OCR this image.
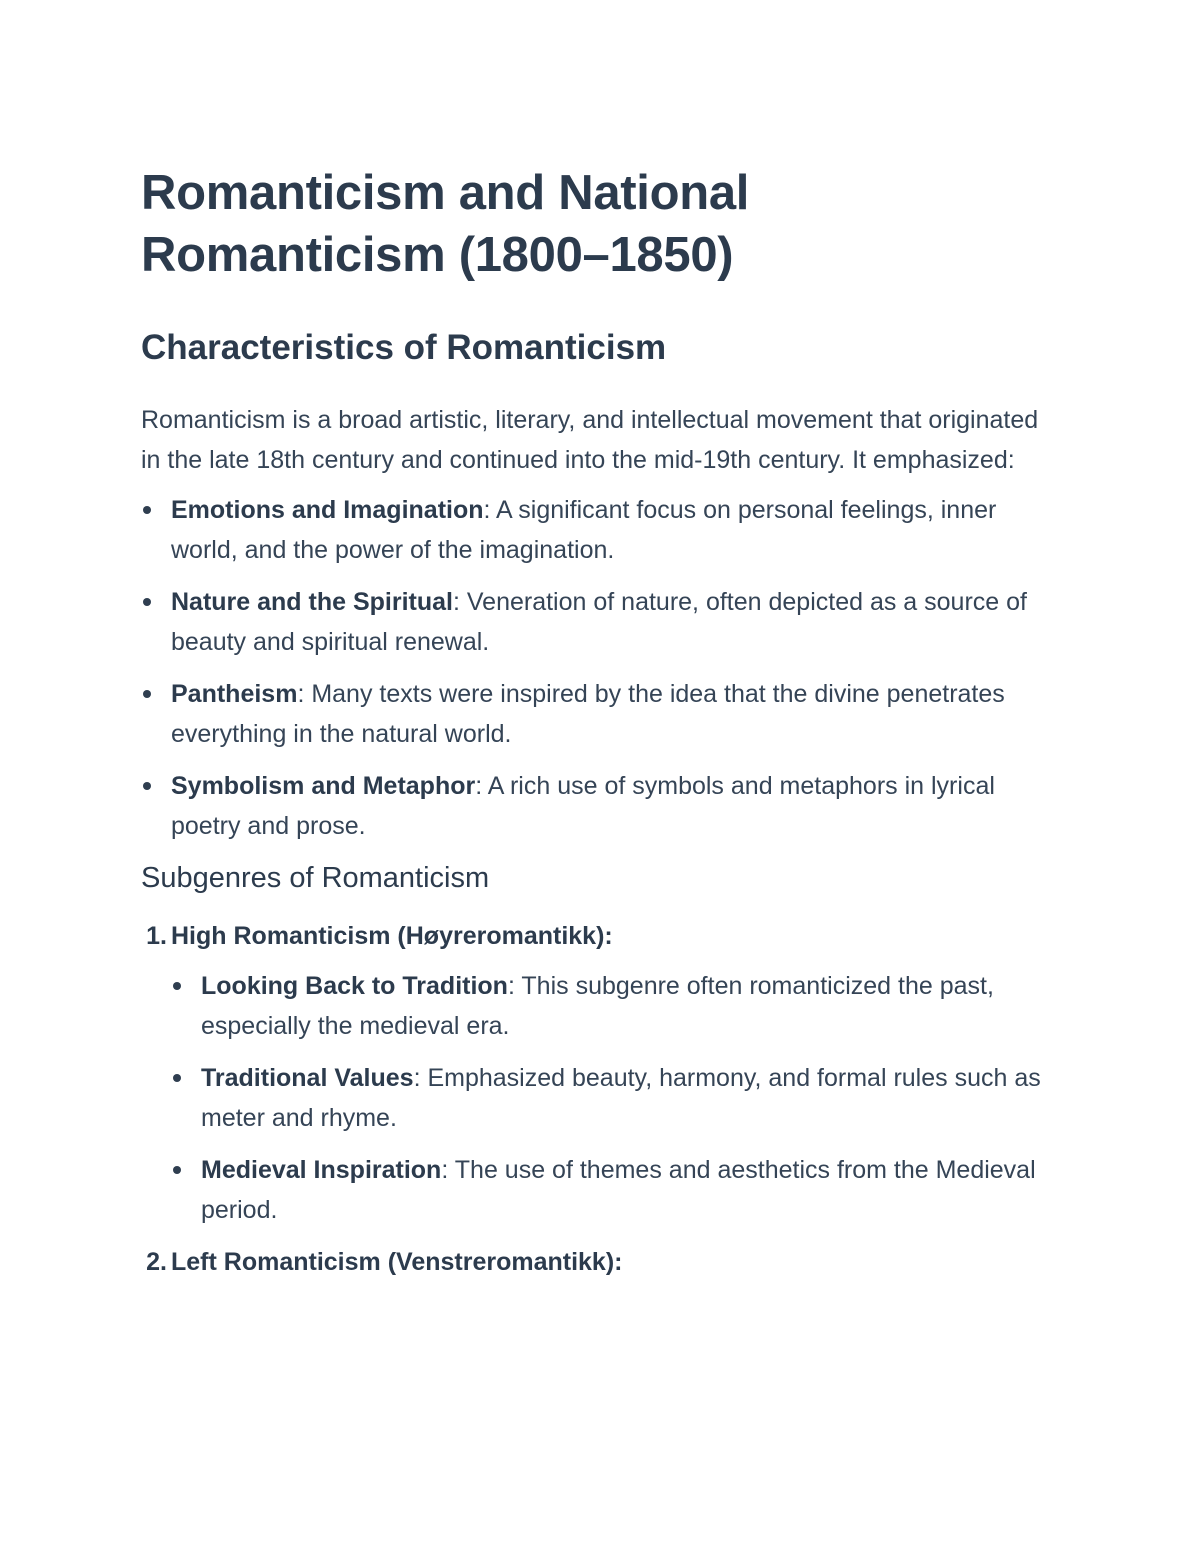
Romanticism and National Romanticism (1800–1850)
Characteristics of Romanticism

Romanticism is a broad artistic, literary, and intellectual movement that originated in the late 18th century and continued into the mid-19th century. It emphasized:

Emotions and Imagination: A significant focus on personal feelings, inner world, and the power of the imagination.
Nature and the Spiritual: Veneration of nature, often depicted as a source of beauty and spiritual renewal.
Pantheism: Many texts were inspired by the idea that the divine penetrates everything in the natural world.
Symbolism and Metaphor: A rich use of symbols and metaphors in lyrical poetry and prose.
Subgenres of Romanticism
1. High Romanticism (Høyreromantikk):
Looking Back to Tradition: This subgenre often romanticized the past, especially the medieval era.
Traditional Values: Emphasized beauty, harmony, and formal rules such as meter and rhyme.
Medieval Inspiration: The use of themes and aesthetics from the Medieval period.
2. Left Romanticism (Venstreromantikk):
